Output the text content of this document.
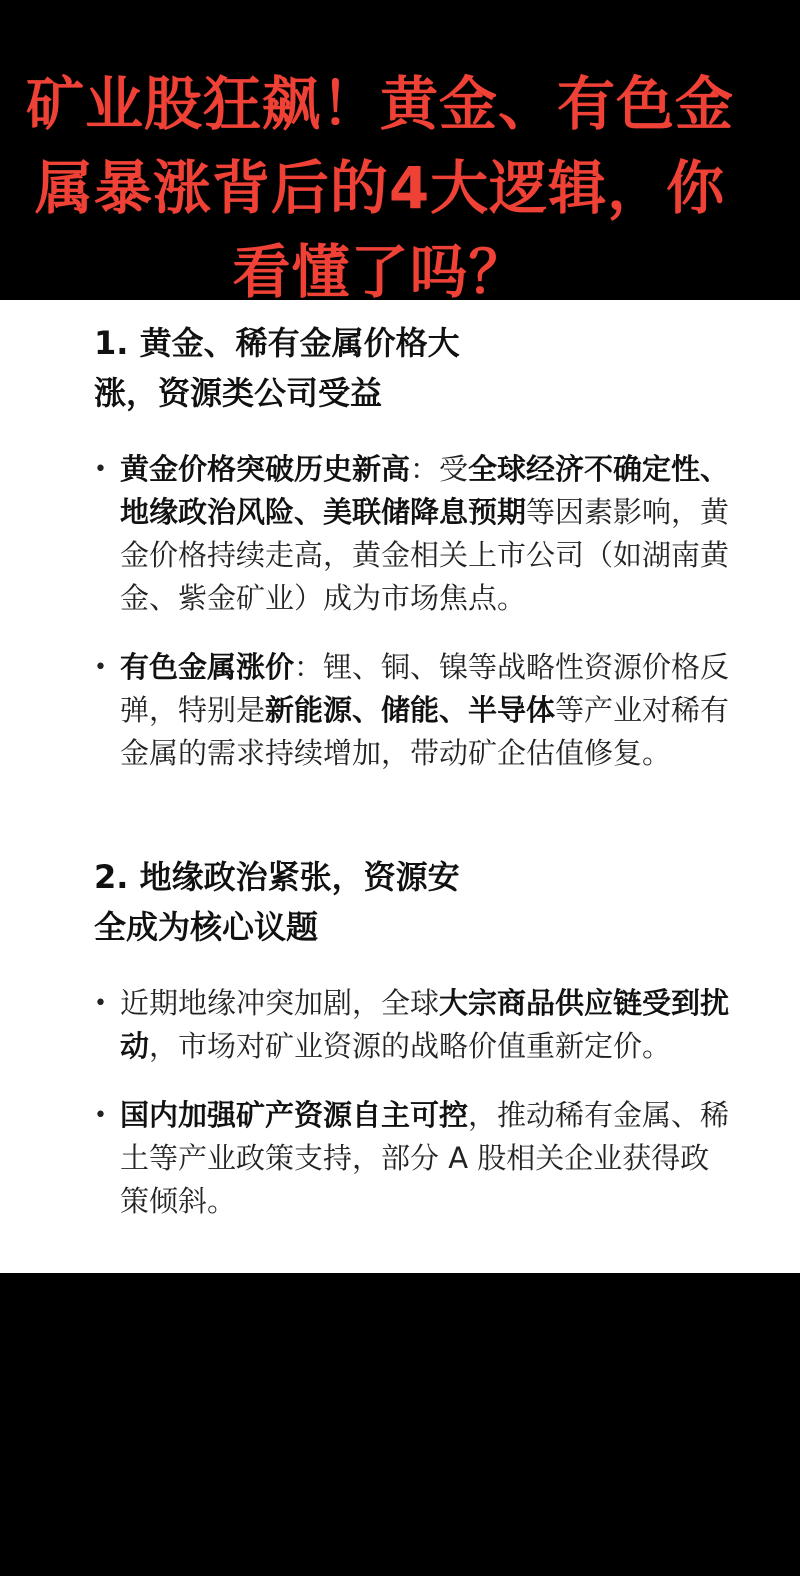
矿业股狂飙！黄金、有色金属暴涨背后的4大逻辑，你看懂了吗？
1. 黄金、稀有金属价格大涨，资源类公司受益
• 黄金价格突破历史新高：受全球经济不确定性、地缘政治风险、美联储降息预期等因素影响，黄金价格持续走高，黄金相关上市公司（如湖南黄金、紫金矿业）成为市场焦点。
• 有色金属涨价：锂、铜、镍等战略性资源价格反弹，特别是新能源、储能、半导体等产业对稀有金属的需求持续增加，带动矿企估值修复。
2. 地缘政治紧张，资源安全成为核心议题
• 近期地缘冲突加剧，全球大宗商品供应链受到扰动，市场对矿业资源的战略价值重新定价。
• 国内加强矿产资源自主可控，推动稀有金属、稀土等产业政策支持，部分 A 股相关企业获得政策倾斜。
